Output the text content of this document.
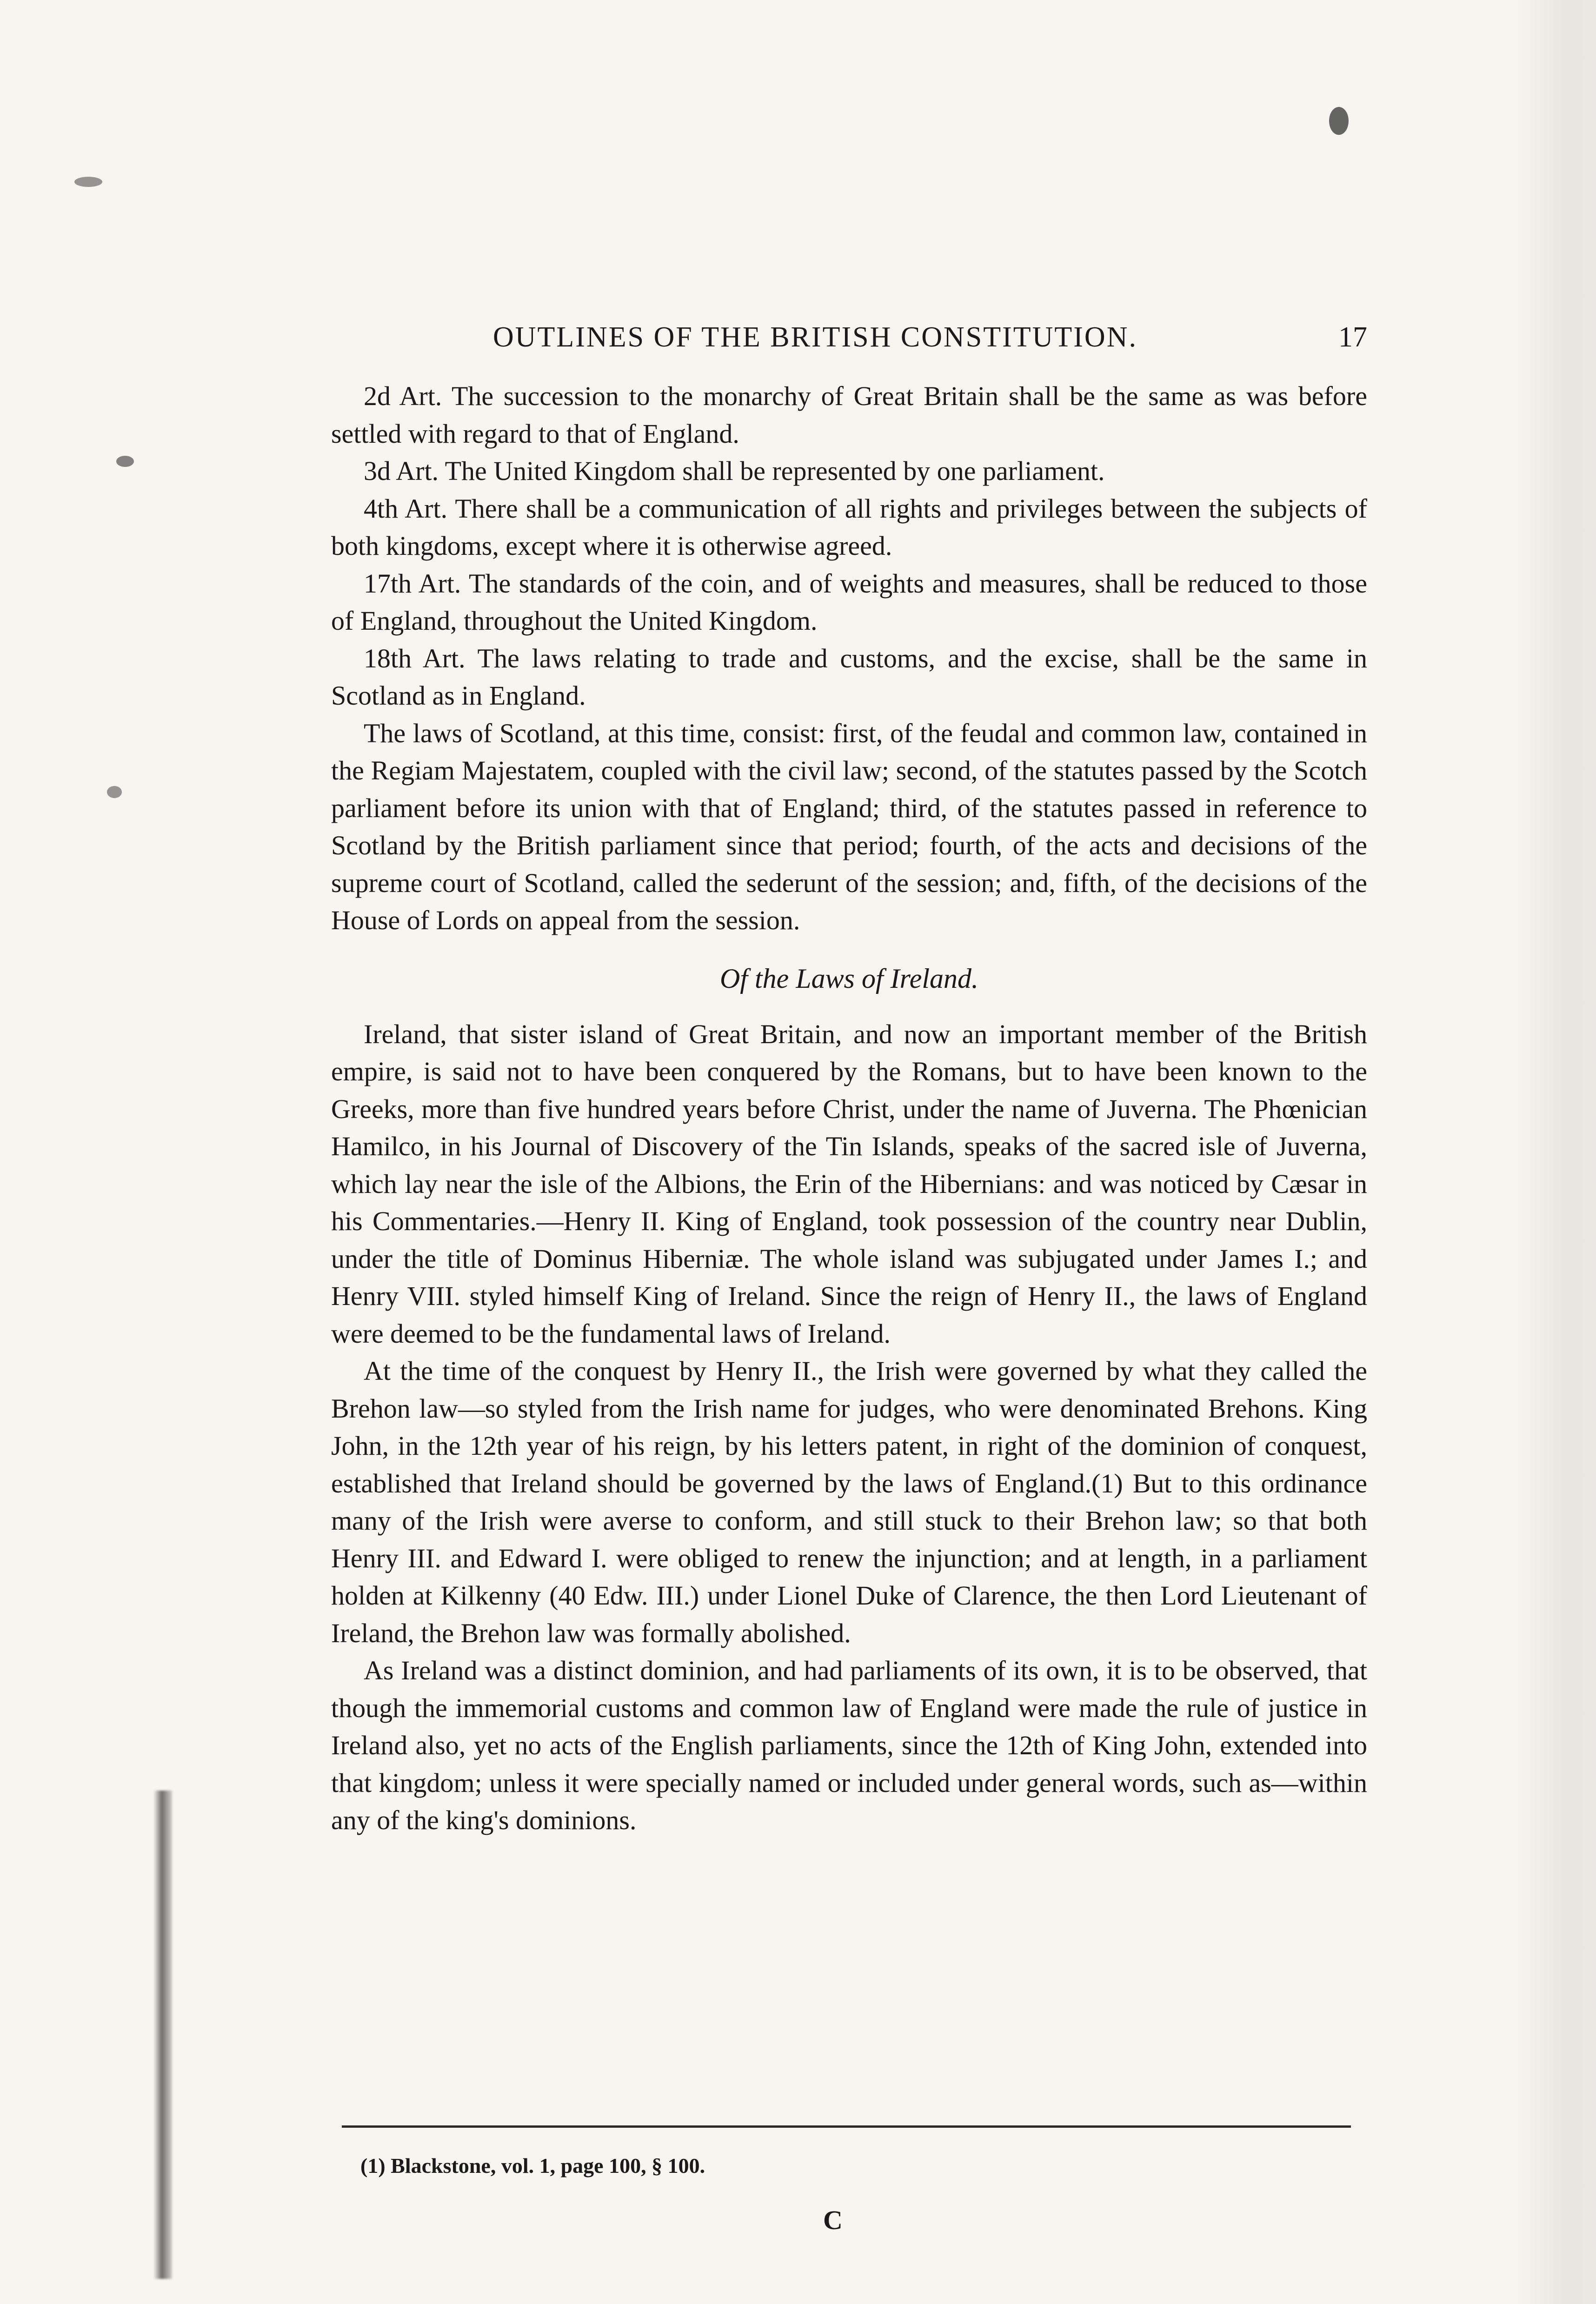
OUTLINES OF THE BRITISH CONSTITUTION.	17

2d Art. The succession to the monarchy of Great Britain shall be the same as was before settled with regard to that of England.

3d Art. The United Kingdom shall be represented by one parliament.

4th Art. There shall be a communication of all rights and privileges between the subjects of both kingdoms, except where it is otherwise agreed.

17th Art. The standards of the coin, and of weights and measures, shall be reduced to those of England, throughout the United Kingdom.

18th Art. The laws relating to trade and customs, and the excise, shall be the same in Scotland as in England.

The laws of Scotland, at this time, consist: first, of the feudal and common law, contained in the Regiam Majestatem, coupled with the civil law; second, of the statutes passed by the Scotch parliament before its union with that of England; third, of the statutes passed in reference to Scotland by the British parliament since that period; fourth, of the acts and decisions of the supreme court of Scotland, called the sederunt of the session; and, fifth, of the decisions of the House of Lords on appeal from the session.

Of the Laws of Ireland.

Ireland, that sister island of Great Britain, and now an important member of the British empire, is said not to have been conquered by the Romans, but to have been known to the Greeks, more than five hundred years before Christ, under the name of Juverna. The Phœnician Hamilco, in his Journal of Discovery of the Tin Islands, speaks of the sacred isle of Juverna, which lay near the isle of the Albions, the Erin of the Hibernians: and was noticed by Cæsar in his Commentaries.—Henry II. King of England, took possession of the country near Dublin, under the title of Dominus Hiberniæ. The whole island was subjugated under James I.; and Henry VIII. styled himself King of Ireland. Since the reign of Henry II., the laws of England were deemed to be the fundamental laws of Ireland.

At the time of the conquest by Henry II., the Irish were governed by what they called the Brehon law—so styled from the Irish name for judges, who were denominated Brehons. King John, in the 12th year of his reign, by his letters patent, in right of the dominion of conquest, established that Ireland should be governed by the laws of England.(1) But to this ordinance many of the Irish were averse to conform, and still stuck to their Brehon law; so that both Henry III. and Edward I. were obliged to renew the injunction; and at length, in a parliament holden at Kilkenny (40 Edw. III.) under Lionel Duke of Clarence, the then Lord Lieutenant of Ireland, the Brehon law was formally abolished.

As Ireland was a distinct dominion, and had parliaments of its own, it is to be observed, that though the immemorial customs and common law of England were made the rule of justice in Ireland also, yet no acts of the English parliaments, since the 12th of King John, extended into that kingdom; unless it were specially named or included under general words, such as—within any of the king's dominions.

(1) Blackstone, vol. 1, page 100, § 100.
C
